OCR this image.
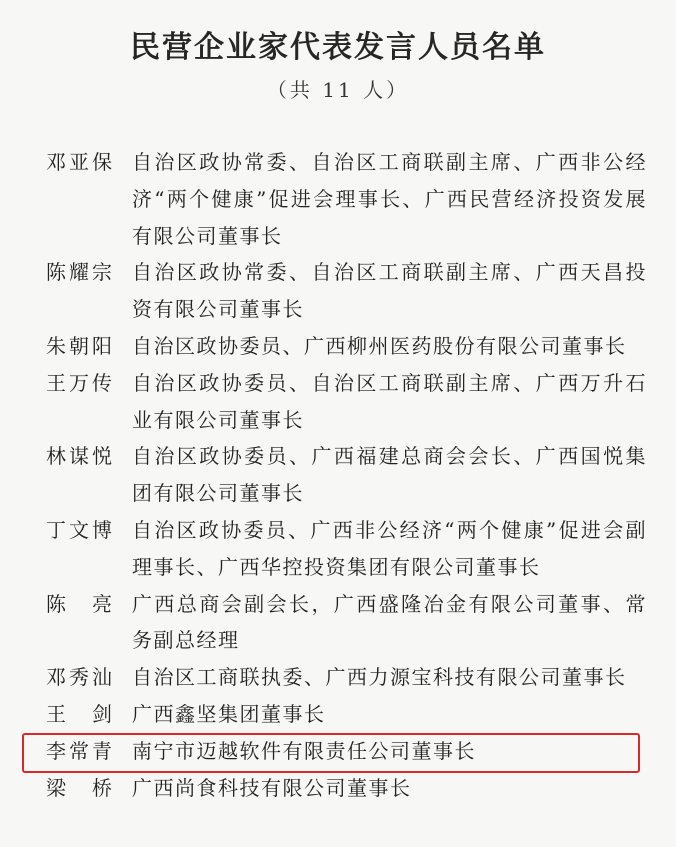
民营企业家代表发言人员名单
（共 11 人）
邓亚保 自治区政协常委、自治区工商联副主席、广西非公经济“两个健康”促进会理事长、广西民营经济投资发展有限公司董事长
陈耀宗 自治区政协常委、自治区工商联副主席、广西天昌投资有限公司董事长
朱朝阳 自治区政协委员、广西柳州医药股份有限公司董事长
王万传 自治区政协委员、自治区工商联副主席、广西万升石业有限公司董事长
林谋悦 自治区政协委员、广西福建总商会会长、广西国悦集团有限公司董事长
丁文博 自治区政协委员、广西非公经济“两个健康”促进会副理事长、广西华控投资集团有限公司董事长
陈　亮 广西总商会副会长，广西盛隆冶金有限公司董事、常务副总经理
邓秀汕 自治区工商联执委、广西力源宝科技有限公司董事长
王　剑 广西鑫坚集团董事长
李常青 南宁市迈越软件有限责任公司董事长
梁　桥 广西尚食科技有限公司董事长
